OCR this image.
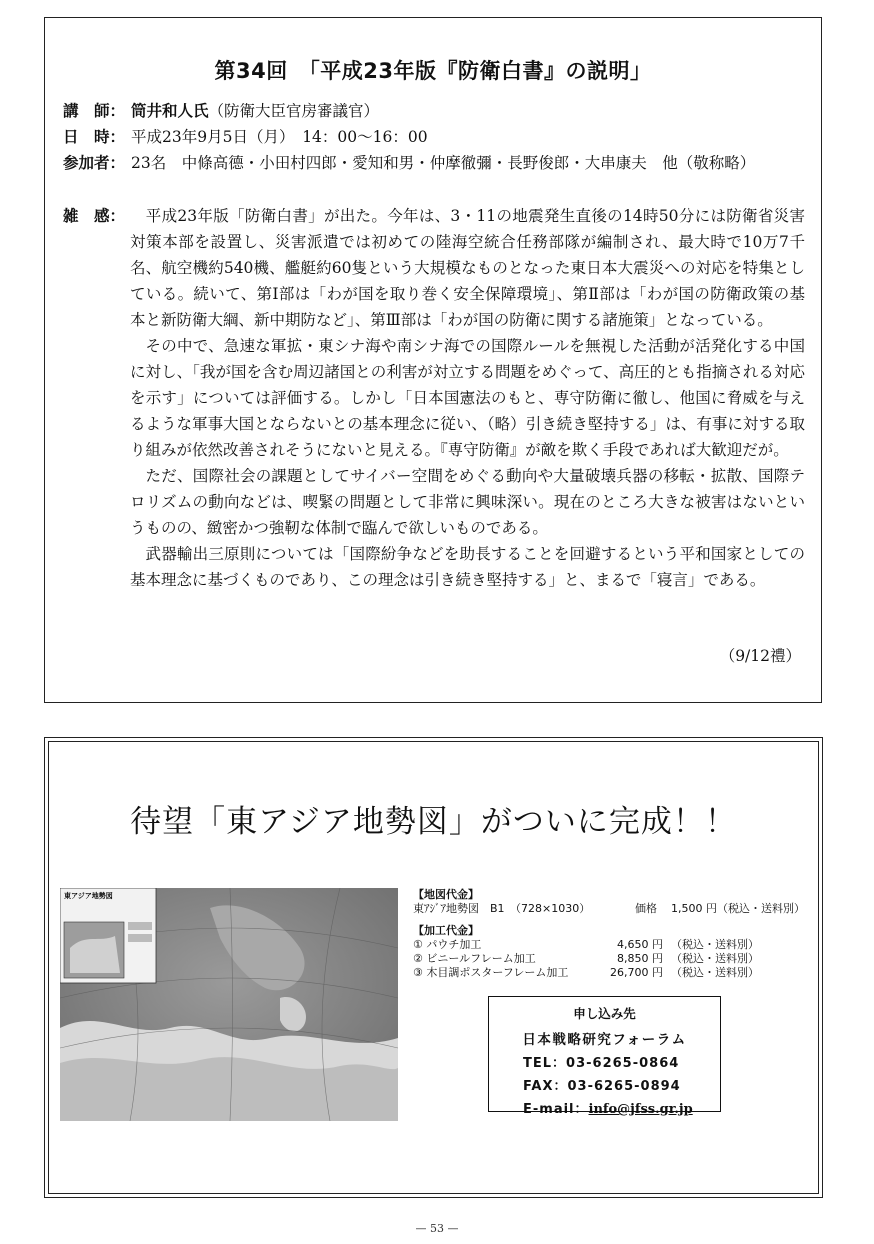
第34回　「平成23年版『防衛白書』の説明」
講　師： 筒井和人氏（防衛大臣官房審議官）
日　時： 平成23年9月5日（月）　14：00～16：00
参加者： 23名　中條高德・小田村四郎・愛知和男・仲摩徹彌・長野俊郎・大串康夫　他（敬称略）
雑　感： 　平成23年版「防衛白書」が出た。今年は、3・11の地震発生直後の14時50分には防衛省災害対策本部を設置し、災害派遣では初めての陸海空統合任務部隊が編制され、最大時で10万7千名、航空機約540機、艦艇約60隻という大規模なものとなった東日本大震災への対応を特集としている。続いて、第Ⅰ部は「わが国を取り巻く安全保障環境」、第Ⅱ部は「わが国の防衛政策の基本と新防衛大綱、新中期防など」、第Ⅲ部は「わが国の防衛に関する諸施策」となっている。

その中で、急速な軍拡・東シナ海や南シナ海での国際ルールを無視した活動が活発化する中国に対し、「我が国を含む周辺諸国との利害が対立する問題をめぐって、高圧的とも指摘される対応を示す」については評価する。しかし「日本国憲法のもと、専守防衛に徹し、他国に脅威を与えるような軍事大国とならないとの基本理念に従い、（略）引き続き堅持する」は、有事に対する取り組みが依然改善されそうにないと見える。『専守防衛』が敵を欺く手段であれば大歓迎だが。

ただ、国際社会の課題としてサイバー空間をめぐる動向や大量破壊兵器の移転・拡散、国際テロリズムの動向などは、喫緊の問題として非常に興味深い。現在のところ大きな被害はないというものの、緻密かつ強靭な体制で臨んで欲しいものである。

武器輸出三原則については「国際紛争などを助長することを回避するという平和国家としての基本理念に基づくものであり、この理念は引き続き堅持する」と、まるで「寝言」である。

（9/12禮）
待望「東アジア地勢図」がついに完成！！
東アジア地勢図	【地図代金】
東ｱｼﾞｱ地勢図　B1　（728×1030）	価格 1,500 円（税込・送料別）
【加工代金】
① パウチ加工	4,650 円 （税込・送料別）
② ビニールフレーム加工	8,850 円 （税込・送料別）
③ 木目調ポスターフレーム加工	26,700 円 （税込・送料別）
申し込み先
日本戦略研究フォーラム
TEL：03-6265-0864
FAX：03-6265-0894
E-mail：info@jfss.gr.jp
— 53 —
